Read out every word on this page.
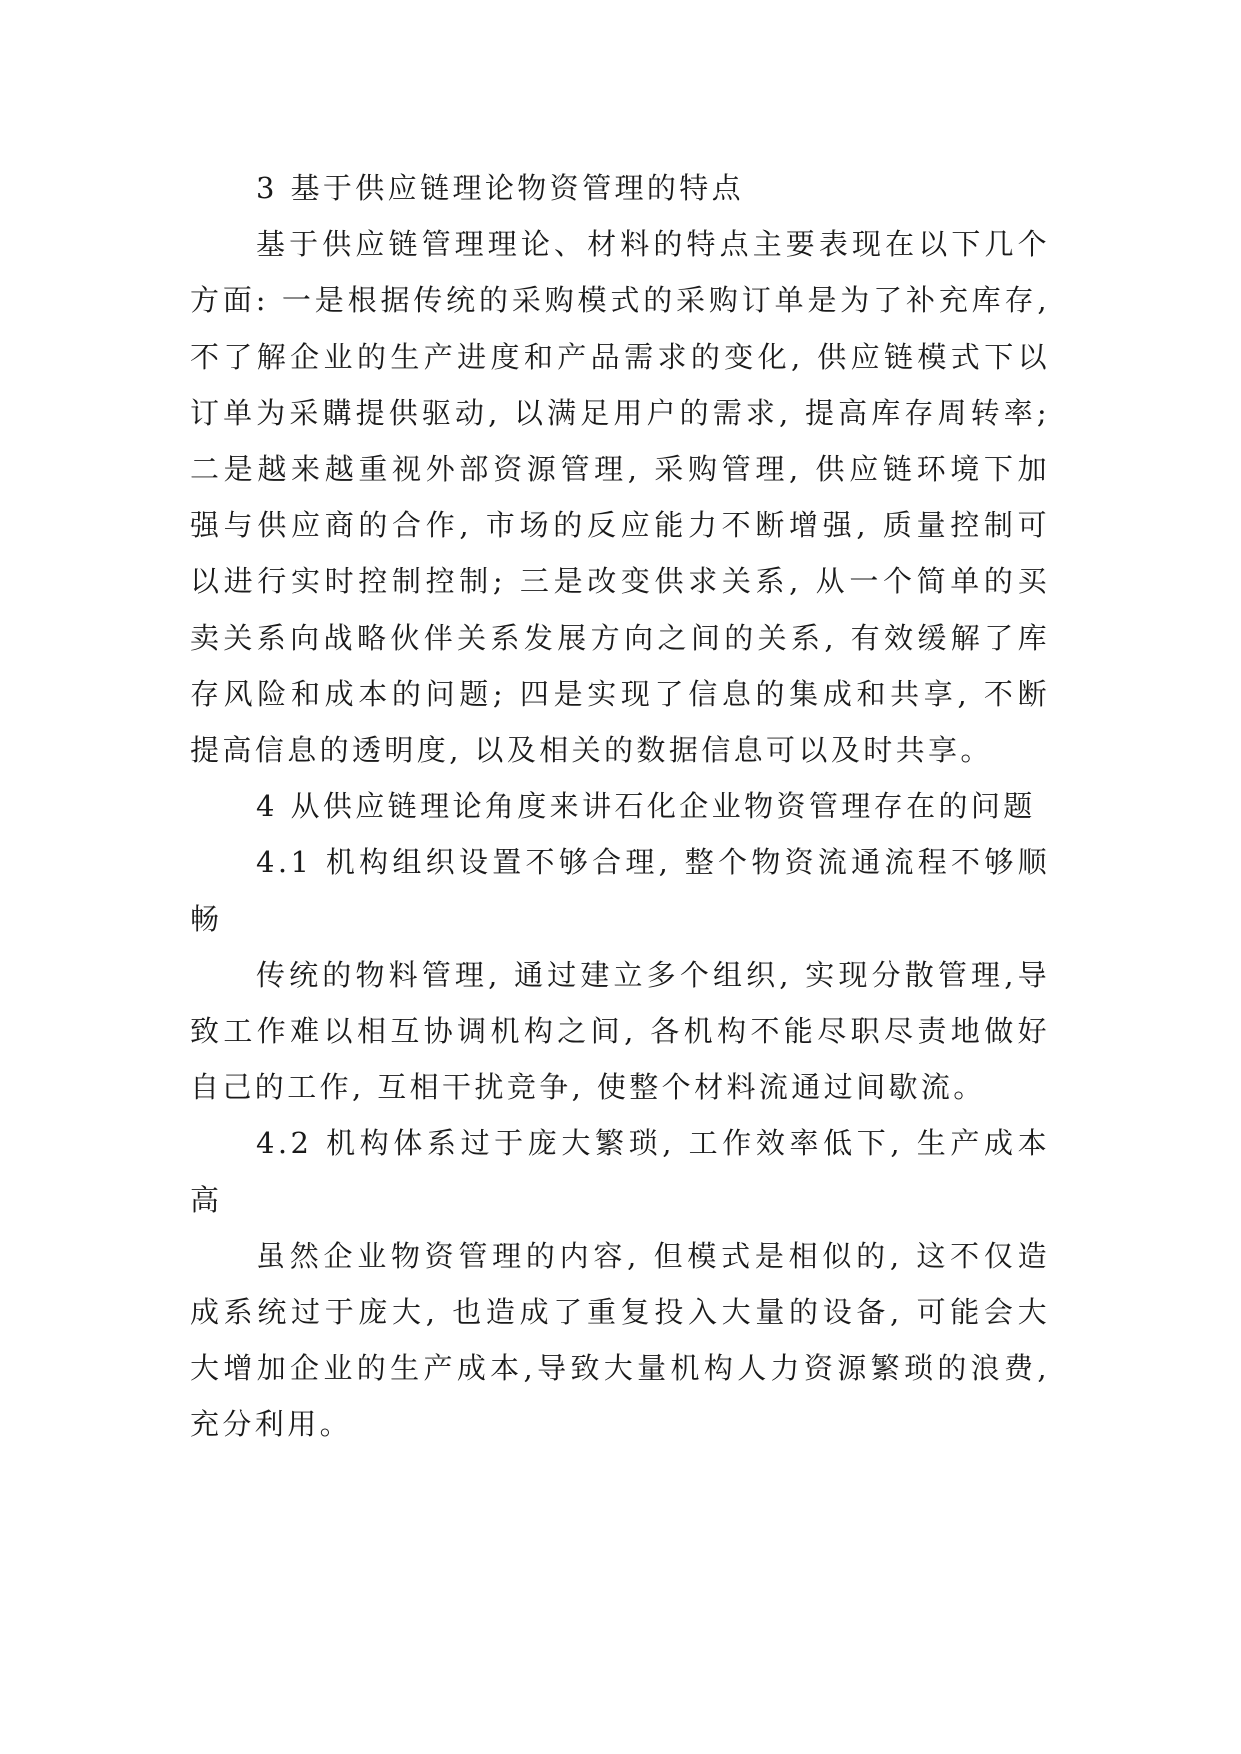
3 基于供应链理论物资管理的特点

基于供应链管理理论、材料的特点主要表现在以下几个方面: 一是根据传统的采购模式的采购订单是为了补充库存,不了解企业的生产进度和产品需求的变化, 供应链模式下以订单为采購提供驱动, 以满足用户的需求, 提高库存周转率;二是越来越重视外部资源管理, 采购管理, 供应链环境下加强与供应商的合作, 市场的反应能力不断增强, 质量控制可以进行实时控制控制; 三是改变供求关系, 从一个简单的买卖关系向战略伙伴关系发展方向之间的关系, 有效缓解了库存风险和成本的问题; 四是实现了信息的集成和共享, 不断提高信息的透明度, 以及相关的数据信息可以及时共享。

4 从供应链理论角度来讲石化企业物资管理存在的问题

4.1 机构组织设置不够合理, 整个物资流通流程不够顺畅

传统的物料管理, 通过建立多个组织, 实现分散管理,导致工作难以相互协调机构之间, 各机构不能尽职尽责地做好自己的工作, 互相干扰竞争, 使整个材料流通过间歇流。

4.2 机构体系过于庞大繁琐, 工作效率低下, 生产成本高

虽然企业物资管理的内容, 但模式是相似的, 这不仅造成系统过于庞大, 也造成了重复投入大量的设备, 可能会大大增加企业的生产成本,导致大量机构人力资源繁琐的浪费,充分利用。
